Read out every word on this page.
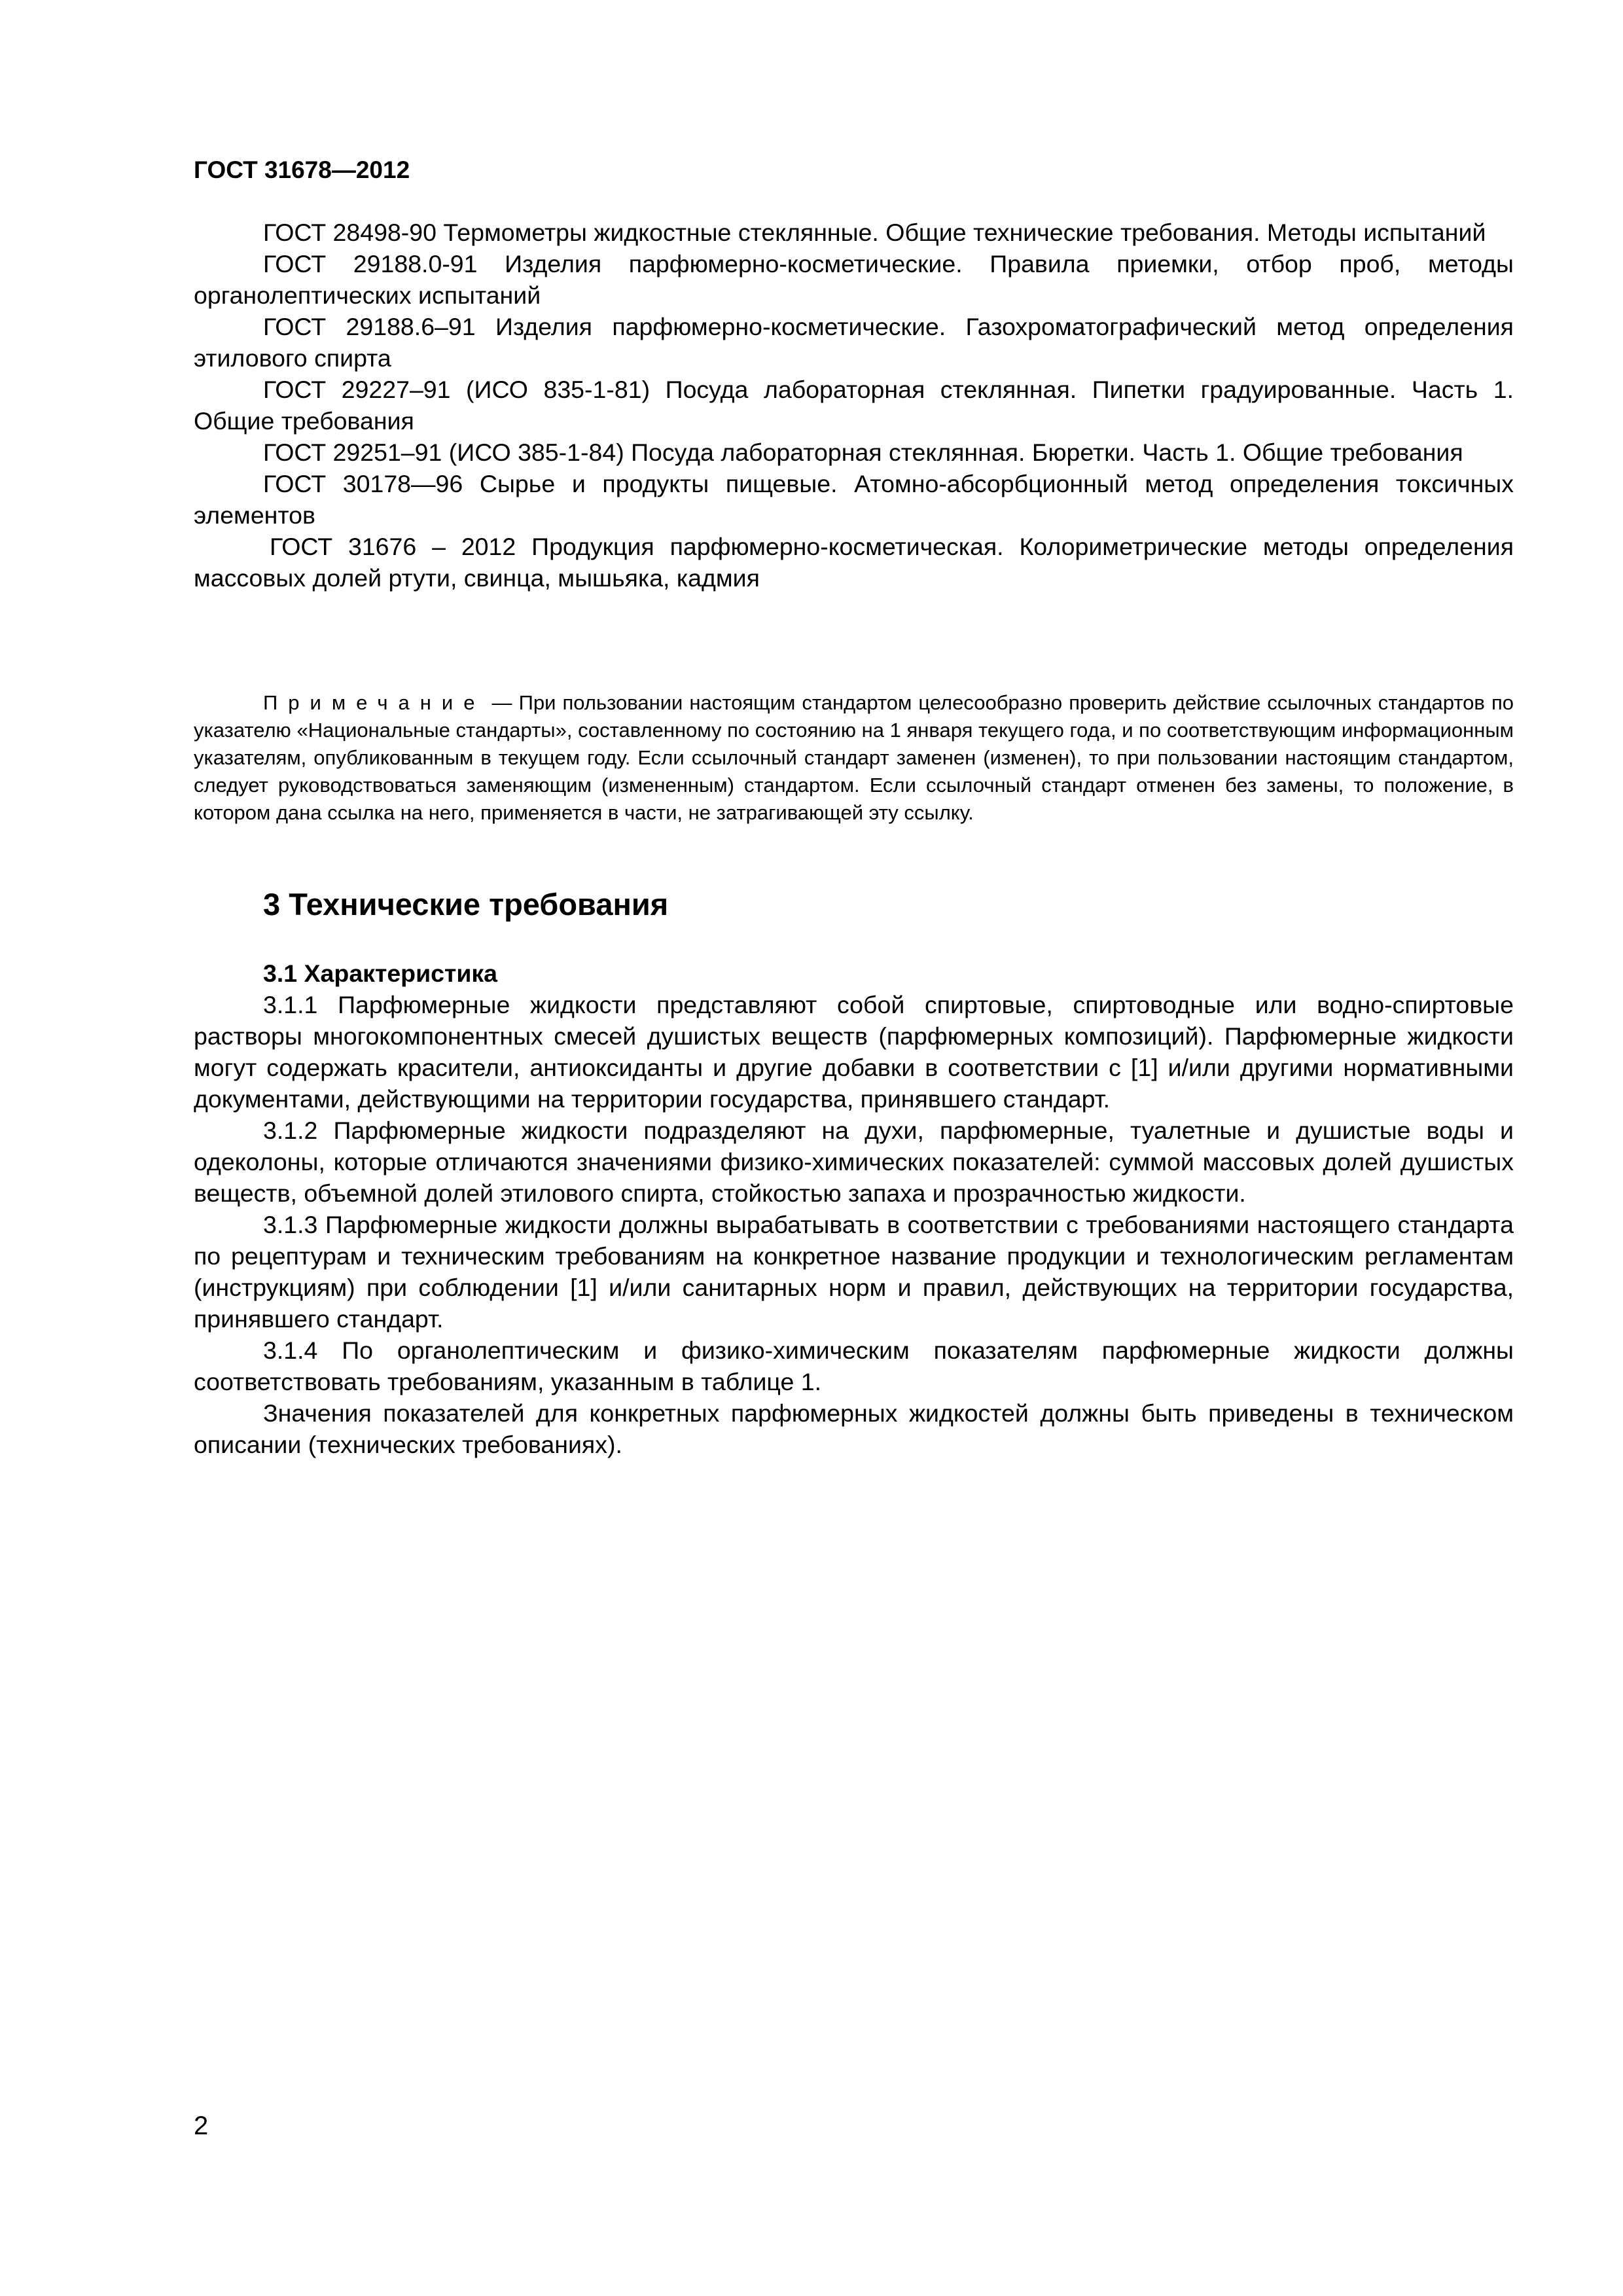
ГОСТ 31678—2012

ГОСТ 28498-90 Термометры жидкостные стеклянные. Общие технические требования. Методы испытаний

ГОСТ 29188.0-91 Изделия парфюмерно-косметические. Правила приемки, отбор проб, методы органолептических испытаний

ГОСТ 29188.6–91 Изделия парфюмерно-косметические. Газохроматографический метод определения этилового спирта

ГОСТ 29227–91 (ИСО 835-1-81) Посуда лабораторная стеклянная. Пипетки градуированные. Часть 1. Общие требования

ГОСТ 29251–91 (ИСО 385-1-84) Посуда лабораторная стеклянная. Бюретки. Часть 1. Общие требования

ГОСТ 30178—96 Сырье и продукты пищевые. Атомно-абсорбционный метод определения токсичных элементов

ГОСТ 31676 – 2012 Продукция парфюмерно-косметическая. Колориметрические методы определения массовых долей ртути, свинца, мышьяка, кадмия

Примечание — При пользовании настоящим стандартом целесообразно проверить действие ссылочных стандартов по указателю «Национальные стандарты», составленному по состоянию на 1 января текущего года, и по соответствующим информационным указателям, опубликованным в текущем году. Если ссылочный стандарт заменен (изменен), то при пользовании настоящим стандартом, следует руководствоваться заменяющим (измененным) стандартом. Если ссылочный стандарт отменен без замены, то положение, в котором дана ссылка на него, применяется в части, не затрагивающей эту ссылку.

3 Технические требования
3.1 Характеристика

3.1.1 Парфюмерные жидкости представляют собой спиртовые, спиртоводные или водно-спиртовые растворы многокомпонентных смесей душистых веществ (парфюмерных композиций). Парфюмерные жидкости могут содержать красители, антиоксиданты и другие добавки в соответствии с [1] и/или другими нормативными документами, действующими на территории государства, принявшего стандарт.

3.1.2 Парфюмерные жидкости подразделяют на духи, парфюмерные, туалетные и душистые воды и одеколоны, которые отличаются значениями физико-химических показателей: суммой массовых долей душистых веществ, объемной долей этилового спирта, стойкостью запаха и прозрачностью жидкости.

3.1.3 Парфюмерные жидкости должны вырабатывать в соответствии с требованиями настоящего стандарта по рецептурам и техническим требованиям на конкретное название продукции и технологическим регламентам (инструкциям) при соблюдении [1] и/или санитарных норм и правил, действующих на территории государства, принявшего стандарт.

3.1.4 По органолептическим и физико-химическим показателям парфюмерные жидкости должны соответствовать требованиям, указанным в таблице 1.

Значения показателей для конкретных парфюмерных жидкостей должны быть приведены в техническом описании (технических требованиях).

2
